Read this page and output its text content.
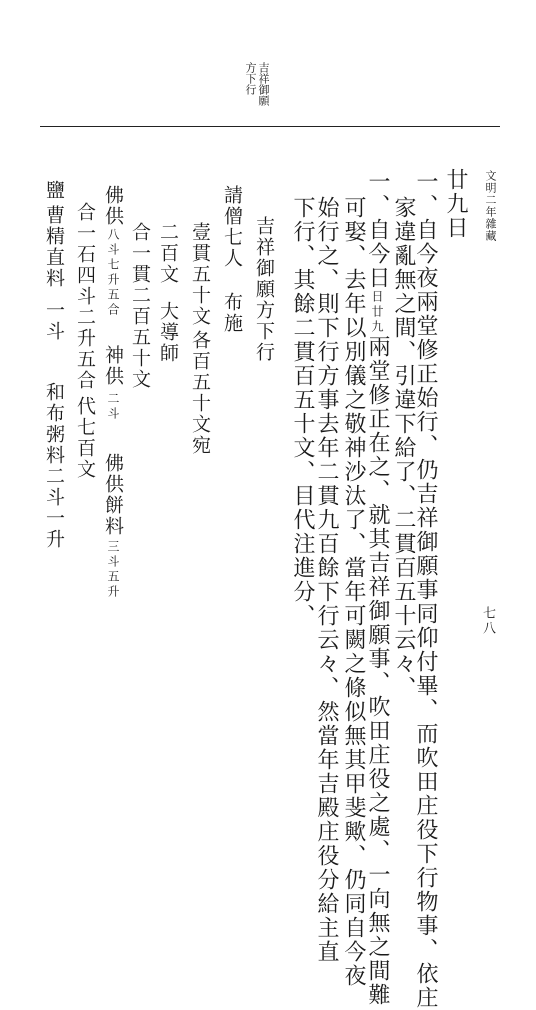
文明二年雜藏
七八
吉祥御願
方下行
廿九日
一、自今夜兩堂修正始行、仍吉祥御願事同仰付畢、而吹田庄役下行物事、依庄
家違亂無之間、引違下給了、二貫百五十云々、
一、自今日日廿九兩堂修正在之、就其吉祥御願事、吹田庄役之處、一向無之間難
可娶、去年以別儀之敬神沙汰了、當年可闕之條似無其甲斐歟、仍同自今夜
始行之、則下行方事去年二貫九百餘下行云々、然當年吉殿庄役分給主直
下行、其餘二貫百五十文、目代注進分、
吉祥御願方下行
請僧七人
布施
壹貫五十文
各百五十文宛
二百文
大導師
合一貫二百五十文
佛供
八斗七升五合
神供
二斗
佛供餅料
三斗五升
合一石四斗二升五合
代七百文
鹽
曹精直料
一斗
和布粥料二斗一升
